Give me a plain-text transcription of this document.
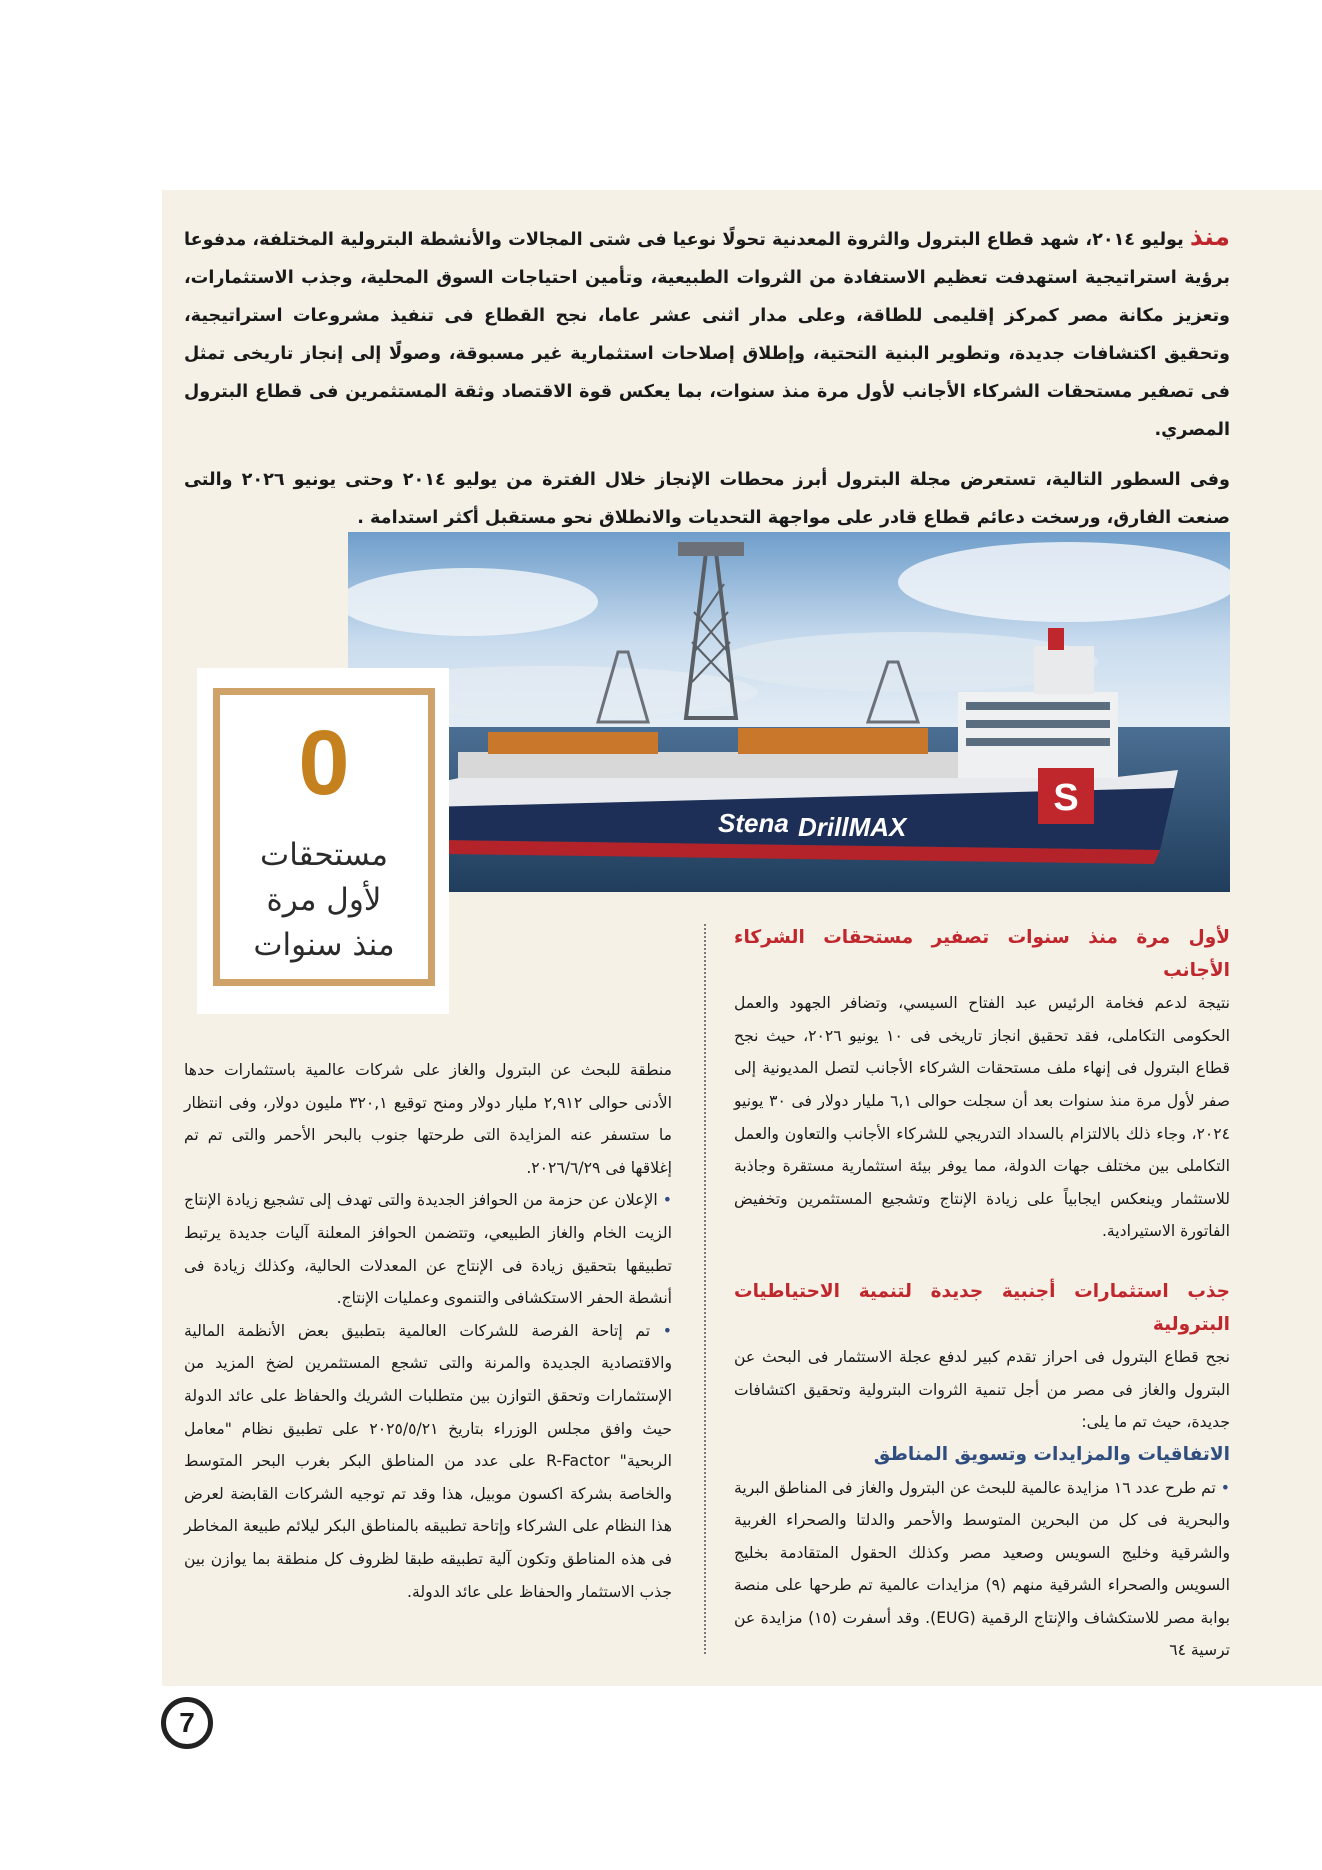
منذ يوليو ٢٠١٤، شهد قطاع البترول والثروة المعدنية تحولًا نوعيا فى شتى المجالات والأنشطة البترولية المختلفة، مدفوعا برؤية استراتيجية استهدفت تعظيم الاستفادة من الثروات الطبيعية، وتأمين احتياجات السوق المحلية، وجذب الاستثمارات، وتعزيز مكانة مصر كمركز إقليمى للطاقة، وعلى مدار اثنى عشر عاما، نجح القطاع فى تنفيذ مشروعات استراتيجية، وتحقيق اكتشافات جديدة، وتطوير البنية التحتية، وإطلاق إصلاحات استثمارية غير مسبوقة، وصولًا إلى إنجاز تاريخى تمثل فى تصفير مستحقات الشركاء الأجانب لأول مرة منذ سنوات، بما يعكس قوة الاقتصاد وثقة المستثمرين فى قطاع البترول المصري.

وفى السطور التالية، تستعرض مجلة البترول أبرز محطات الإنجاز خلال الفترة من يوليو ٢٠١٤ وحتى يونيو ٢٠٢٦ والتى صنعت الفارق، ورسخت دعائم قطاع قادر على مواجهة التحديات والانطلاق نحو مستقبل أكثر استدامة .

S
Stena DrillMAX
0
مستحقات
لأول مرة
منذ سنوات	لأول مرة منذ سنوات تصفير مستحقات الشركاء الأجانب

نتيجة لدعم فخامة الرئيس عبد الفتاح السيسي، وتضافر الجهود والعمل الحكومى التكاملى، فقد تحقيق انجاز تاريخى فى ١٠ يونيو ٢٠٢٦، حيث نجح قطاع البترول فى إنهاء ملف مستحقات الشركاء الأجانب لتصل المديونية إلى صفر لأول مرة منذ سنوات بعد أن سجلت حوالى ٦,١ مليار دولار فى ٣٠ يونيو ٢٠٢٤، وجاء ذلك بالالتزام بالسداد التدريجي للشركاء الأجانب والتعاون والعمل التكاملى بين مختلف جهات الدولة، مما يوفر بيئة استثمارية مستقرة وجاذبة للاستثمار وينعكس ايجابياً على زيادة الإنتاج وتشجيع المستثمرين وتخفيض الفاتورة الاستيرادية.

جذب استثمارات أجنبية جديدة لتنمية الاحتياطيات البترولية

نجح قطاع البترول فى احراز تقدم كبير لدفع عجلة الاستثمار فى البحث عن البترول والغاز فى مصر من أجل تنمية الثروات البترولية وتحقيق اكتشافات جديدة، حيث تم ما يلى:

الاتفاقيات والمزايدات وتسويق المناطق

• تم طرح عدد ١٦ مزايدة عالمية للبحث عن البترول والغاز فى المناطق البرية والبحرية فى كل من البحرين المتوسط والأحمر والدلتا والصحراء الغربية والشرقية وخليج السويس وصعيد مصر وكذلك الحقول المتقادمة بخليج السويس والصحراء الشرقية منهم (٩) مزايدات عالمية تم طرحها على منصة بوابة مصر للاستكشاف والإنتاج الرقمية (EUG). وقد أسفرت (١٥) مزايدة عن ترسية ٦٤

منطقة للبحث عن البترول والغاز على شركات عالمية باستثمارات حدها الأدنى حوالى ٢,٩١٢ مليار دولار ومنح توقيع ٣٢٠,١ مليون دولار، وفى انتظار ما ستسفر عنه المزايدة التى طرحتها جنوب بالبحر الأحمر والتى تم تم إغلاقها فى ٢٠٢٦/٦/٢٩.

• الإعلان عن حزمة من الحوافز الجديدة والتى تهدف إلى تشجيع زيادة الإنتاج الزيت الخام والغاز الطبيعي، وتتضمن الحوافز المعلنة آليات جديدة يرتبط تطبيقها بتحقيق زيادة فى الإنتاج عن المعدلات الحالية، وكذلك زيادة فى أنشطة الحفر الاستكشافى والتنموى وعمليات الإنتاج.

• تم إتاحة الفرصة للشركات العالمية بتطبيق بعض الأنظمة المالية والاقتصادية الجديدة والمرنة والتى تشجع المستثمرين لضخ المزيد من الإستثمارات وتحقق التوازن بين متطلبات الشريك والحفاظ على عائد الدولة حيث وافق مجلس الوزراء بتاريخ ٢٠٢٥/٥/٢١ على تطبيق نظام "معامل الربحية" R-Factor على عدد من المناطق البكر بغرب البحر المتوسط والخاصة بشركة اكسون موبيل، هذا وقد تم توجيه الشركات القابضة لعرض هذا النظام على الشركاء وإتاحة تطبيقه بالمناطق البكر ليلائم طبيعة المخاطر فى هذه المناطق وتكون آلية تطبيقه طبقا لظروف كل منطقة بما يوازن بين جذب الاستثمار والحفاظ على عائد الدولة.

7
